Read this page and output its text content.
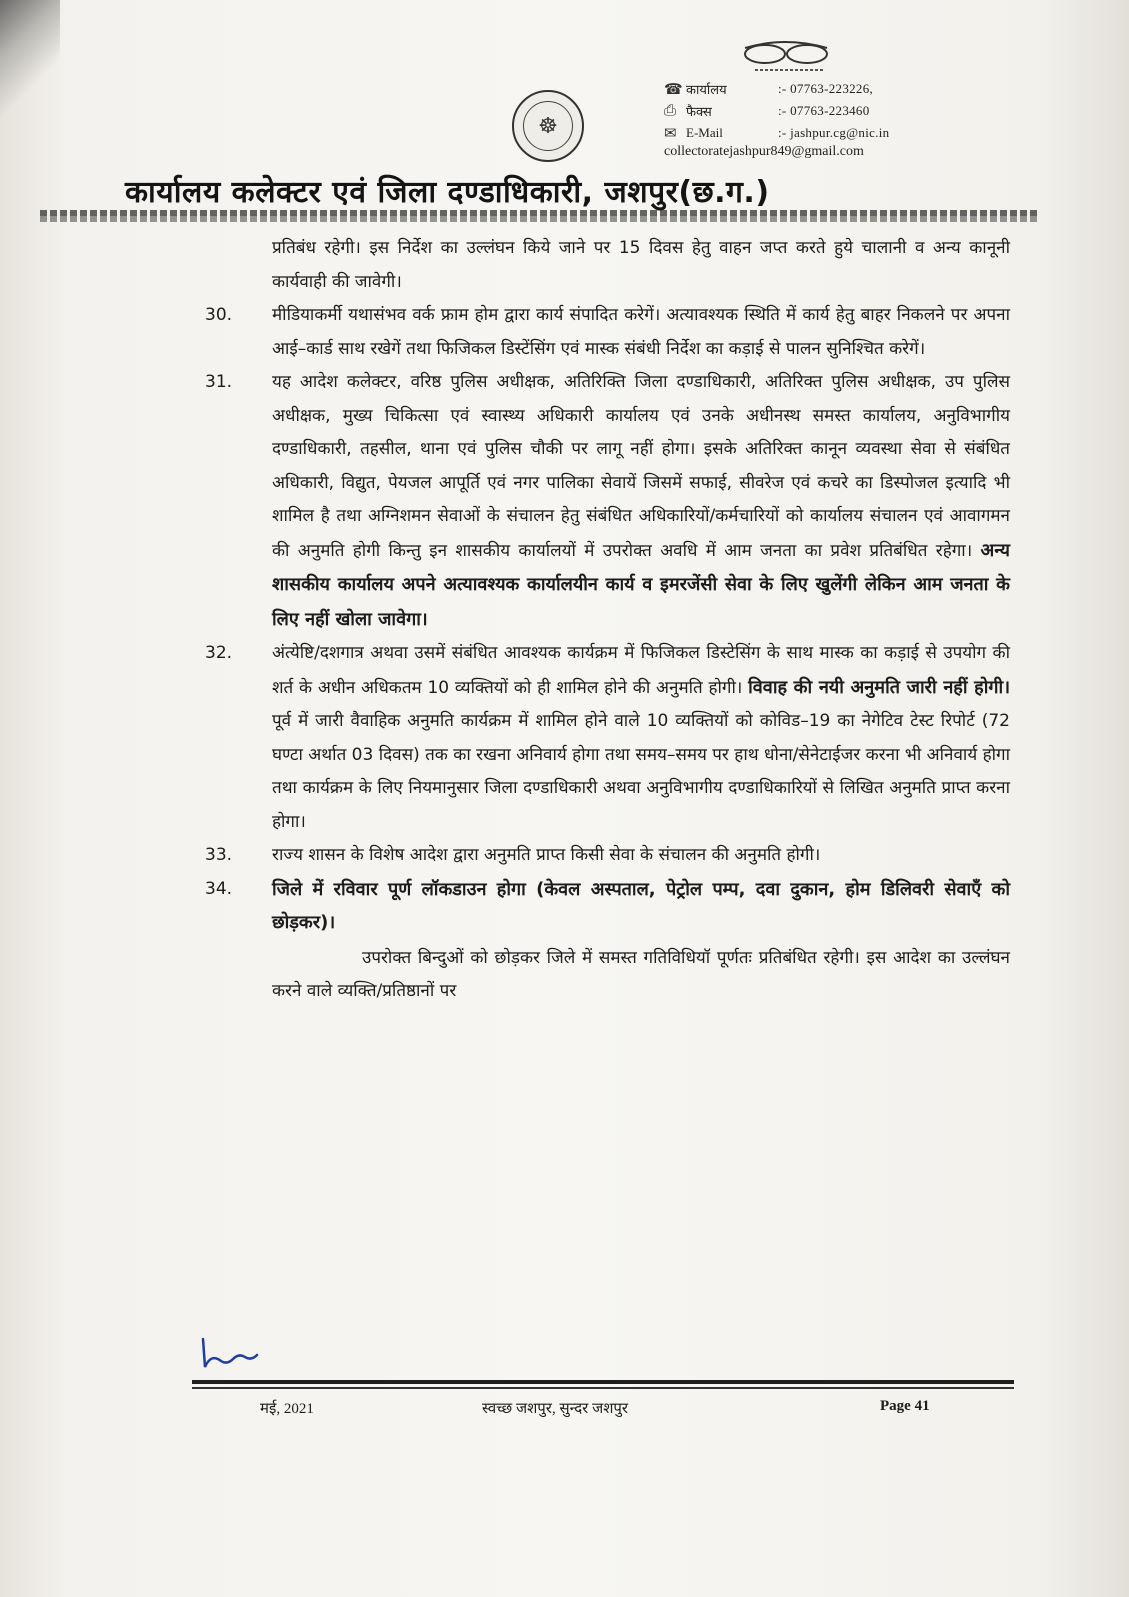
☸
☎ कार्यालय	:- 07763-223226,
⎙ फैक्स	:- 07763-223460
✉ E-Mail	:- jashpur.cg@nic.in
collectoratejashpur849@gmail.com
कार्यालय कलेक्टर एवं जिला दण्डाधिकारी, जशपुर(छ.ग.)
प्रतिबंध रहेगी। इस निर्देश का उल्लंघन किये जाने पर 15 दिवस हेतु वाहन जप्त करते हुये चालानी व अन्य कानूनी कार्यवाही की जावेगी।
30.	मीडियाकर्मी यथासंभव वर्क फ्राम होम द्वारा कार्य संपादित करेगें। अत्यावश्यक स्थिति में कार्य हेतु बाहर निकलने पर अपना आई–कार्ड साथ रखेगें तथा फिजिकल डिस्टेंसिंग एवं मास्क संबंधी निर्देश का कड़ाई से पालन सुनिश्चित करेगें।
31.	यह आदेश कलेक्टर, वरिष्ठ पुलिस अधीक्षक, अतिरिक्ति जिला दण्डाधिकारी, अतिरिक्त पुलिस अधीक्षक, उप पुलिस अधीक्षक, मुख्य चिकित्सा एवं स्वास्थ्य अधिकारी कार्यालय एवं उनके अधीनस्थ समस्त कार्यालय, अनुविभागीय दण्डाधिकारी, तहसील, थाना एवं पुलिस चौकी पर लागू नहीं होगा। इसके अतिरिक्त कानून व्यवस्था सेवा से संबंधित अधिकारी, विद्युत, पेयजल आपूर्ति एवं नगर पालिका सेवायें जिसमें सफाई, सीवरेज एवं कचरे का डिस्पोजल इत्यादि भी शामिल है तथा अग्निशमन सेवाओं के संचालन हेतु संबंधित अधिकारियों/कर्मचारियों को कार्यालय संचालन एवं आवागमन की अनुमति होगी किन्तु इन शासकीय कार्यालयों में उपरोक्त अवधि में आम जनता का प्रवेश प्रतिबंधित रहेगा। अन्य शासकीय कार्यालय अपने अत्यावश्यक कार्यालयीन कार्य व इमरजेंसी सेवा के लिए खुलेंगी लेकिन आम जनता के लिए नहीं खोला जावेगा।
32.	अंत्येष्टि/दशगात्र अथवा उसमें संबंधित आवश्यक कार्यक्रम में फिजिकल डिस्टेसिंग के साथ मास्क का कड़ाई से उपयोग की शर्त के अधीन अधिकतम 10 व्यक्तियों को ही शामिल होने की अनुमति होगी। विवाह की नयी अनुमति जारी नहीं होगी। पूर्व में जारी वैवाहिक अनुमति कार्यक्रम में शामिल होने वाले 10 व्यक्तियों को कोविड–19 का नेगेटिव टेस्ट रिपोर्ट (72 घण्टा अर्थात 03 दिवस) तक का रखना अनिवार्य होगा तथा समय–समय पर हाथ धोना/सेनेटाईजर करना भी अनिवार्य होगा तथा कार्यक्रम के लिए नियमानुसार जिला दण्डाधिकारी अथवा अनुविभागीय दण्डाधिकारियों से लिखित अनुमति प्राप्त करना होगा।
33.	राज्य शासन के विशेष आदेश द्वारा अनुमति प्राप्त किसी सेवा के संचालन की अनुमति होगी।
34.	जिले में रविवार पूर्ण लॉकडाउन होगा (केवल अस्पताल, पेट्रोल पम्प, दवा दुकान, होम डिलिवरी सेवाएँ को छोड़कर)।
उपरोक्त बिन्दुओं को छोड़कर जिले में समस्त गतिविधियॉ पूर्णतः प्रतिबंधित रहेगी। इस आदेश का उल्लंघन करने वाले व्यक्ति/प्रतिष्ठानों पर
मई, 2021	स्वच्छ जशपुर, सुन्दर जशपुर	Page 41
